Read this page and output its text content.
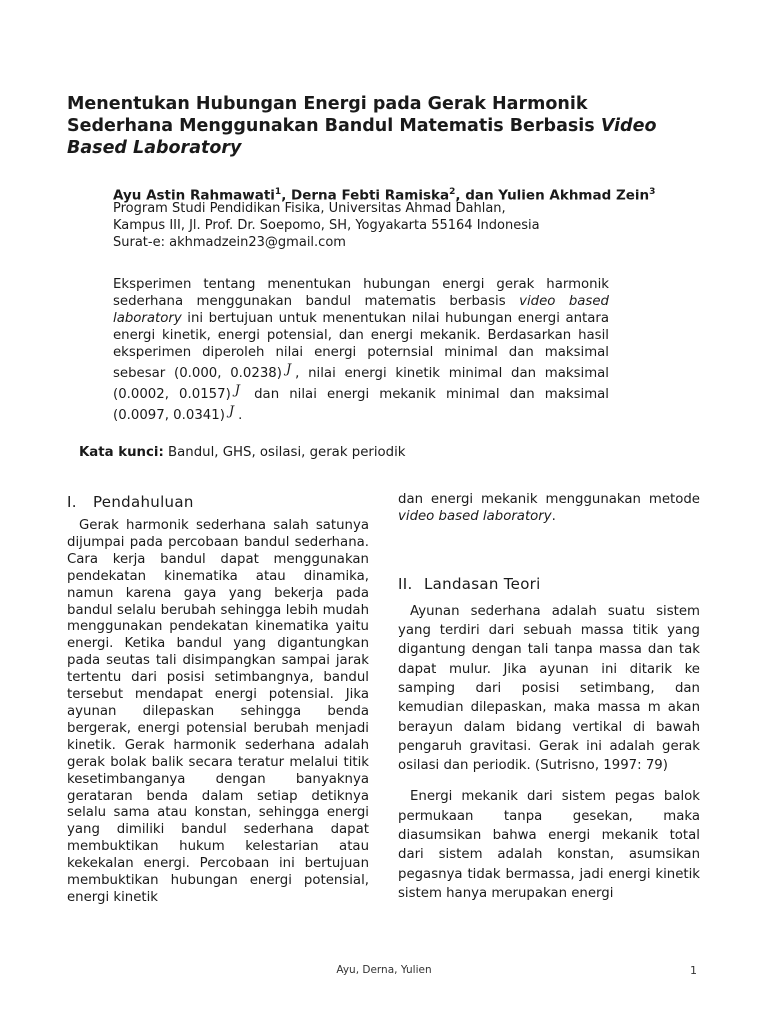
Menentukan Hubungan Energi pada Gerak Harmonik Sederhana Menggunakan Bandul Matematis Berbasis Video Based Laboratory

Ayu Astin Rahmawati$^1$, Derna Febti Ramiska$^2$, dan Yulien Akhmad Zein$^3$

Program Studi Pendidikan Fisika, Universitas Ahmad Dahlan,
Kampus III, Jl. Prof. Dr. Soepomo, SH, Yogyakarta 55164 Indonesia
Surat-e: akhmadzein23@gmail.com

Eksperimen tentang menentukan hubungan energi gerak harmonik sederhana menggunakan bandul matematis berbasis video based laboratory ini bertujuan untuk menentukan nilai hubungan energi antara energi kinetik, energi potensial, dan energi mekanik. Berdasarkan hasil eksperimen diperoleh nilai energi poternsial minimal dan maksimal sebesar (0.000, 0.0238) J , nilai energi kinetik minimal dan maksimal (0.0002, 0.0157) J dan nilai energi mekanik minimal dan maksimal (0.0097, 0.0341) J .

Kata kunci: Bandul, GHS, osilasi, gerak periodik

I. Pendahuluan

Gerak harmonik sederhana salah satunya dijumpai pada percobaan bandul sederhana. Cara kerja bandul dapat menggunakan pendekatan kinematika atau dinamika, namun karena gaya yang bekerja pada bandul selalu berubah sehingga lebih mudah menggunakan pendekatan kinematika yaitu energi. Ketika bandul yang digantungkan pada seutas tali disimpangkan sampai jarak tertentu dari posisi setimbangnya, bandul tersebut mendapat energi potensial. Jika ayunan dilepaskan sehingga benda bergerak, energi potensial berubah menjadi kinetik. Gerak harmonik sederhana adalah gerak bolak balik secara teratur melalui titik kesetimbanganya dengan banyaknya gerataran benda dalam setiap detiknya selalu sama atau konstan, sehingga energi yang dimiliki bandul sederhana dapat membuktikan hukum kelestarian atau kekekalan energi. Percobaan ini bertujuan membuktikan hubungan energi potensial, energi kinetik

dan energi mekanik menggunakan metode video based laboratory.

II. Landasan Teori

Ayunan sederhana adalah suatu sistem yang terdiri dari sebuah massa titik yang digantung dengan tali tanpa massa dan tak dapat mulur. Jika ayunan ini ditarik ke samping dari posisi setimbang, dan kemudian dilepaskan, maka massa m akan berayun dalam bidang vertikal di bawah pengaruh gravitasi. Gerak ini adalah gerak osilasi dan periodik. (Sutrisno, 1997: 79)

Energi mekanik dari sistem pegas balok permukaan tanpa gesekan, maka diasumsikan bahwa energi mekanik total dari sistem adalah konstan, asumsikan pegasnya tidak bermassa, jadi energi kinetik sistem hanya merupakan energi

Ayu, Derna, Yulien	1
